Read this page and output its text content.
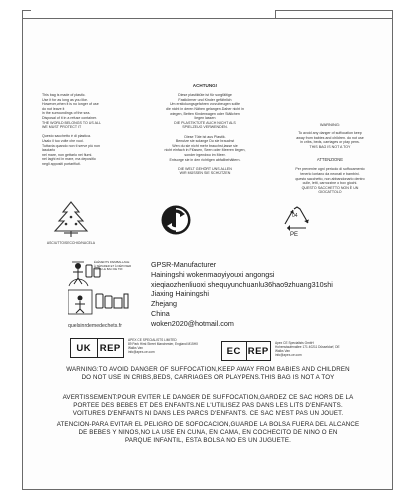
This bag is made of plastic.
Use it for as long as you like.
However,when it is no longer of use
do not leave it
in the surroundings of the sea.
Disposal of it in a refuse container.
THE WORLD BELONGS TO US ALL
WE MUST PROTECT IT

Questo sacchetto è di plastica.
Usalo il tuo volte che vuoi.
Tuttavia quando non ti serve più non lasciarlo
nel mare, non gettarlo nei fiumi.
nel laghi ed in mare, ma depositlo
negli appositi portarifiuti.

ACHTUNG!

Diese plastiktüte ist für sorgfältige
Fastkörmer und Kinder gefährlich
Um erstickungsgefahren vorzubeugen sollte
die nicht in deren Nähen gelangen.Daher nicht in
wiegen, Betten Kinderwagen oder Ställchen
liegen lassen
DIE PLASTIKTÜTE AUCH NICHT ALS
SPIELZEUG VERWENDEN.

Diese Tüte ist aus Plastik.
Benutze sie solange Du sie brauchst
Wen du sie nicht mehr brauchst,lasse sie
nicht einfach in Flüssen, Seen oder Meeren liegen,
sonder irgendwo im Meer.
Entsorge sie in den richtigen abfallbehältern.

DIE WELT GEHÖRT UNS ALLEN
WIR MÜSSEN SIE SCHÜTZEN

WARNING:

To avoid any danger of suffocation keep
away from babies and children. do not use
in cribs, beds, carriages or play pens.
THIS BAG IS NOT A TOY

ATTENZIONE

Per prevenire ogni pericolo di soffocamento
tenerlo lontano da neonati e bambini.
questo sacchetto, non abbandonarlo dentro
culle, letti, carrozzine o box giochi.
QUESTO SACCHETTO NON È UN GIOCATTOLO

ASCIUTTO/SECCHIO/NUCELA
04
PE
ÉLÉMENTS D'EMBALLAGE
À SÉPARER ET À DÉPOSER
DANS LE BAC DE TRI
quelsinrdemedechets.fr
GPSR-Manufacturer
Hainingshi wokenmaoyiyouxi angongsi
xieqiaozhenliuoxi shequyunchuanlu36hao9zhuang310shi
Jiaxing Hainingshi
Zhejang
China
woken2020@hotmail.com
UK REP
APEX CE SPECIALISTS LIMITED
89 Park Hirst Street Manchester, England M15HX
Walks Van
info@apex-ce.com	EC REP
Apex CE Specialists GmbH
Hohenstaufenallee 171 40211 Düsseldorf, DE
Walks Van
info@apex-ce.com
WARNING:TO AVOID DANGER OF SUFFOCATION,KEEP AWAY FROM BABIES AND CHILDREN
DO NOT USE IN CRIBS,BEDS, CARRIAGES OR PLAYPENS.THIS BAG IS NOT A TOY
AVERTISSEMENT:POUR EVITER LE DANGER DE SUFFOCATION,GARDEZ CE SAC HORS DE LA
PORTEE DES BEBES ET DES ENFANTS.NE L'UTILISEZ PAS DANS LES LITS D'ENFANTS.
VOITURES D'ENFANTS NI DANS LES PARCS D'ENFANTS. CE SAC N'EST PAS UN JOUET.
ATENCION-PARA EVITAR EL PELIGRO DE SOFOCACION,GUARDE LA BOLSA FUERA DEL ALCANCE
DE BEBES Y NINOS,NO LA USE EN CUNA, EN CAMA, EN COCHECITO DE NINO O EN
PARQUE INFANTIL, ESTA BOLSA NO ES UN JUGUETE.
